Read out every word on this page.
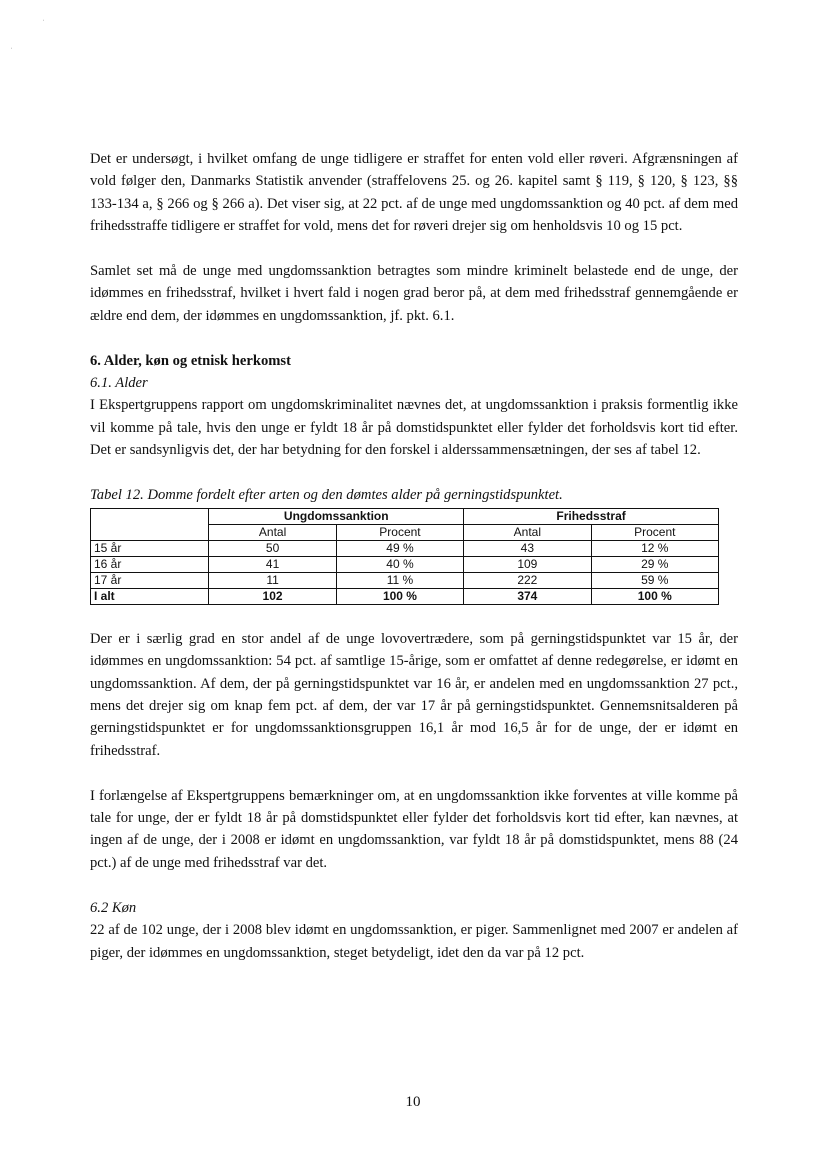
ˌ
ˌ

Det er undersøgt, i hvilket omfang de unge tidligere er straffet for enten vold eller røveri. Afgrænsningen af vold følger den, Danmarks Statistik anvender (straffelovens 25. og 26. kapitel samt § 119, § 120, § 123, §§ 133-134 a, § 266 og § 266 a). Det viser sig, at 22 pct. af de unge med ungdomssanktion og 40 pct. af dem med frihedsstraffe tidligere er straffet for vold, mens det for røveri drejer sig om henholdsvis 10 og 15 pct.

Samlet set må de unge med ungdomssanktion betragtes som mindre kriminelt belastede end de unge, der idømmes en frihedsstraf, hvilket i hvert fald i nogen grad beror på, at dem med frihedsstraf gennemgående er ældre end dem, der idømmes en ungdomssanktion, jf. pkt. 6.1.

6. Alder, køn og etnisk herkomst
6.1. Alder

I Ekspertgruppens rapport om ungdomskriminalitet nævnes det, at ungdomssanktion i praksis formentlig ikke vil komme på tale, hvis den unge er fyldt 18 år på domstidspunktet eller fylder det forholdsvis kort tid efter. Det er sandsynligvis det, der har betydning for den forskel i alderssammensætningen, der ses af tabel 12.

Tabel 12. Domme fordelt efter arten og den dømtes alder på gerningstidspunktet.
	Ungdomssanktion		Frihedsstraf	
	Antal	Procent	Antal	Procent
15 år	50	49 %	43	12 %
16 år	41	40 %	109	29 %
17 år	11	11 %	222	59 %
I alt	102	100 %	374	100 %

Der er i særlig grad en stor andel af de unge lovovertrædere, som på gerningstidspunktet var 15 år, der idømmes en ungdomssanktion: 54 pct. af samtlige 15-årige, som er omfattet af denne redegørelse, er idømt en ungdomssanktion. Af dem, der på gerningstidspunktet var 16 år, er andelen med en ungdomssanktion 27 pct., mens det drejer sig om knap fem pct. af dem, der var 17 år på gerningstidspunktet. Gennemsnitsalderen på gerningstidspunktet er for ungdomssanktionsgruppen 16,1 år mod 16,5 år for de unge, der er idømt en frihedsstraf.

I forlængelse af Ekspertgruppens bemærkninger om, at en ungdomssanktion ikke forventes at ville komme på tale for unge, der er fyldt 18 år på domstidspunktet eller fylder det forholdsvis kort tid efter, kan nævnes, at ingen af de unge, der i 2008 er idømt en ungdomssanktion, var fyldt 18 år på domstidspunktet, mens 88 (24 pct.) af de unge med frihedsstraf var det.

6.2 Køn

22 af de 102 unge, der i 2008 blev idømt en ungdomssanktion, er piger. Sammenlignet med 2007 er andelen af piger, der idømmes en ungdomssanktion, steget betydeligt, idet den da var på 12 pct.

10
